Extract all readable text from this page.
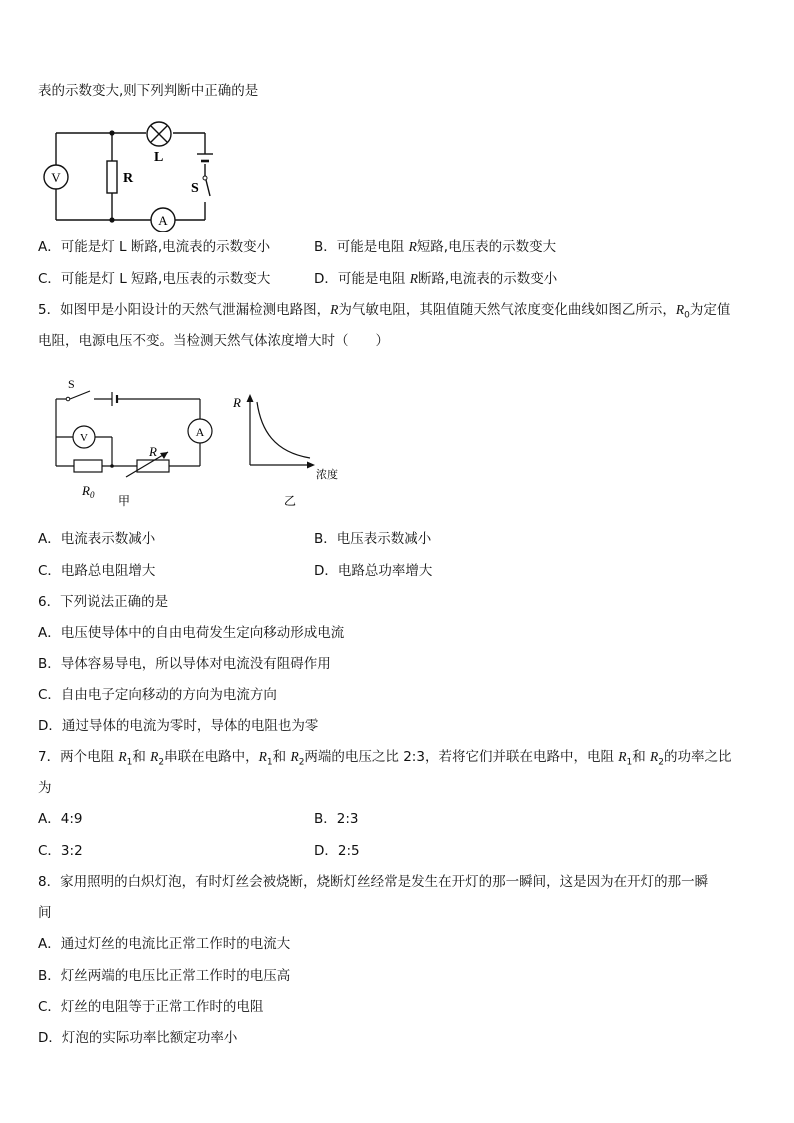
表的示数变大,则下列判断中正确的是
V
A
R
L
S
A．可能是灯 L 断路,电流表的示数变小	B．可能是电阻 R短路,电压表的示数变大
C．可能是灯 L 短路,电压表的示数变大	D．可能是电阻 R断路,电流表的示数变小
5．如图甲是小阳设计的天然气泄漏检测电路图，R为气敏电阻，其阻值随天然气浓度变化曲线如图乙所示，$R_0$为定值
电阻，电源电压不变。当检测天然气体浓度增大时（　　）
S
V	A
R
$R_0$ 甲
R
浓度
乙
A．电流表示数减小	B．电压表示数减小
C．电路总电阻增大	D．电路总功率增大
6．下列说法正确的是
A．电压使导体中的自由电荷发生定向移动形成电流
B．导体容易导电，所以导体对电流没有阻碍作用
C．自由电子定向移动的方向为电流方向
D．通过导体的电流为零时，导体的电阻也为零
7．两个电阻 $R_1$和 $R_2$串联在电路中，$R_1$和 $R_2$两端的电压之比 2:3，若将它们并联在电路中，电阻 $R_1$和 $R_2$的功率之比
为
A．4:9	B．2:3
C．3:2	D．2:5
8．家用照明的白炽灯泡，有时灯丝会被烧断，烧断灯丝经常是发生在开灯的那一瞬间，这是因为在开灯的那一瞬
间
A．通过灯丝的电流比正常工作时的电流大
B．灯丝两端的电压比正常工作时的电压高
C．灯丝的电阻等于正常工作时的电阻
D．灯泡的实际功率比额定功率小
